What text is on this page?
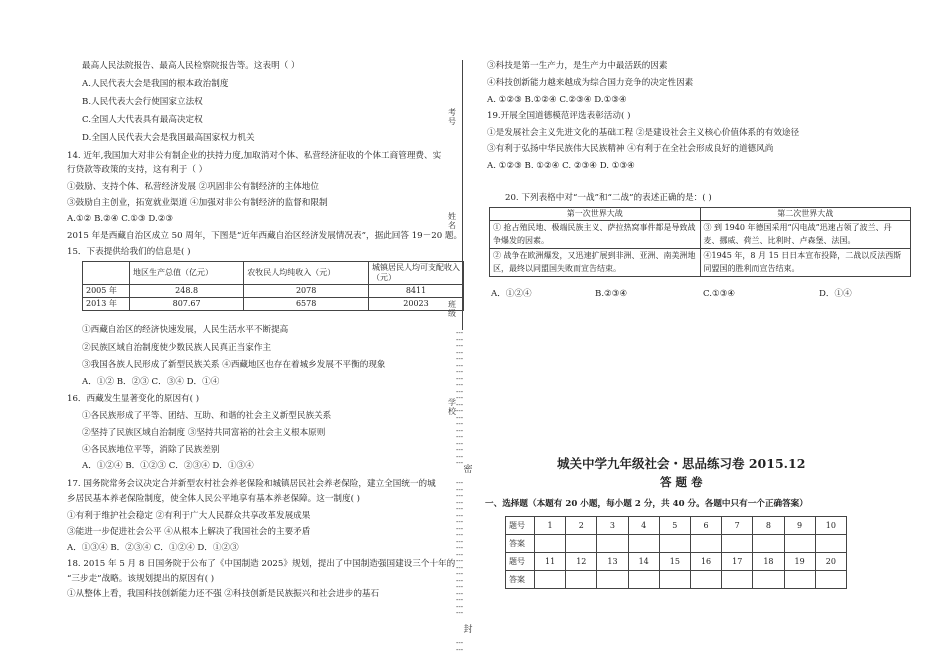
最高人民法院报告、最高人民检察院报告等。这表明（ ）
A.人民代表大会是我国的根本政治制度
B.人民代表大会行使国家立法权
C.全国人大代表具有最高决定权
D.全国人民代表大会是我国最高国家权力机关
14. 近年,我国加大对非公有制企业的扶持力度,加取消对个体、私营经济征收的个体工商管理费、实
行贷款等政策的支持，这有利于（ ）
①鼓励、支持个体、私营经济发展 ②巩固非公有制经济的主体地位
③鼓励自主创业，拓宽就业渠道 ④加强对非公有制经济的监督和限制
A.①② B.②④ C.①③ D.②③
2015 年是西藏自治区成立 50 周年，下图是“近年西藏自治区经济发展情况表”，据此回答 19－20 题。
15．下表提供给我们的信息是( )
	地区生产总值（亿元）	农牧民人均纯收入（元）	城镇居民人均可支配收入（元）
2005 年	248.8	2078	8411
2013 年	807.67	6578	20023
①西藏自治区的经济快速发展，人民生活水平不断提高
②民族区域自治制度使少数民族人民真正当家作主
③我国各族人民形成了新型民族关系 ④西藏地区也存在着城乡发展不平衡的现象
A．①② B．②③ C．③④ D．①④
16．西藏发生显著变化的原因有( )
①各民族形成了平等、团结、互助、和谐的社会主义新型民族关系
②坚持了民族区域自治制度 ③坚持共同富裕的社会主义根本原则
④各民族地位平等，消除了民族差别
A．①②④ B．①②③ C．②③④ D．①③④
17. 国务院常务会议决定合并新型农村社会养老保险和城镇居民社会养老保险，建立全国统一的城
乡居民基本养老保险制度，使全体人民公平地享有基本养老保障。这一制度( )
①有利于维护社会稳定 ②有利于广大人民群众共享改革发展成果
③能进一步促进社会公平 ④从根本上解决了我国社会的主要矛盾
A．①③④ B．②③④ C．①②④ D．①②③
18. 2015 年 5 月 8 日国务院于公布了《中国制造 2025》规划，提出了中国制造强国建设三个十年的
“三步走”战略。该规划提出的原因有( )
①从整体上看，我国科技创新能力还不强 ②科技创新是民族振兴和社会进步的基石
考号
姓名
班级
学校
---
---
---
---
---
---
---
---
---
---
---
---
---
---
---
---
---
---
---
---
---
密
---
---
---
---
---
---
---
---
---
---
---
---
---
---
---
---
---
---
---
---
---
封
---
---
③科技是第一生产力，是生产力中最活跃的因素
④科技创新能力越来越成为综合国力竞争的决定性因素
A. ①②③ B.①②④ C.②③④ D.①③④
19.开展全国道德模范评选表彰活动( )
①是发展社会主义先进文化的基础工程 ②是建设社会主义核心价值体系的有效途径
③有利于弘扬中华民族伟大民族精神 ④有利于在全社会形成良好的道德风尚
A. ①②③ B. ①②④ C. ②③④ D. ①③④
20. 下列表格中对“一战”和“二战”的表述正确的是：( )
第一次世界大战	第二次世界大战
① 抢占殖民地、极端民族主义、萨拉热窝事件都是导致战争爆发的因素。	③ 到 1940 年德国采用“闪电战”迅速占领了波兰、丹麦、挪威、荷兰、比利时、卢森堡、法国。
② 战争在欧洲爆发，又迅速扩展到非洲、亚洲、南美洲地区，最终以同盟国失败而宣告结束。	④1945 年，8 月 15 日日本宣布投降，二战以反法西斯同盟国的胜利而宣告结束。
A．①②④	B.②③④	C.①③④	D．①④
城关中学九年级社会・思品练习卷 2015.12
答 题 卷
一、选择题（本题有 20 小题，每小题 2 分，共 40 分。各题中只有一个正确答案）
题号	1	2	3	4	5	6	7	8	9	10
答案										
题号	11	12	13	14	15	16	17	18	19	20
答案										
